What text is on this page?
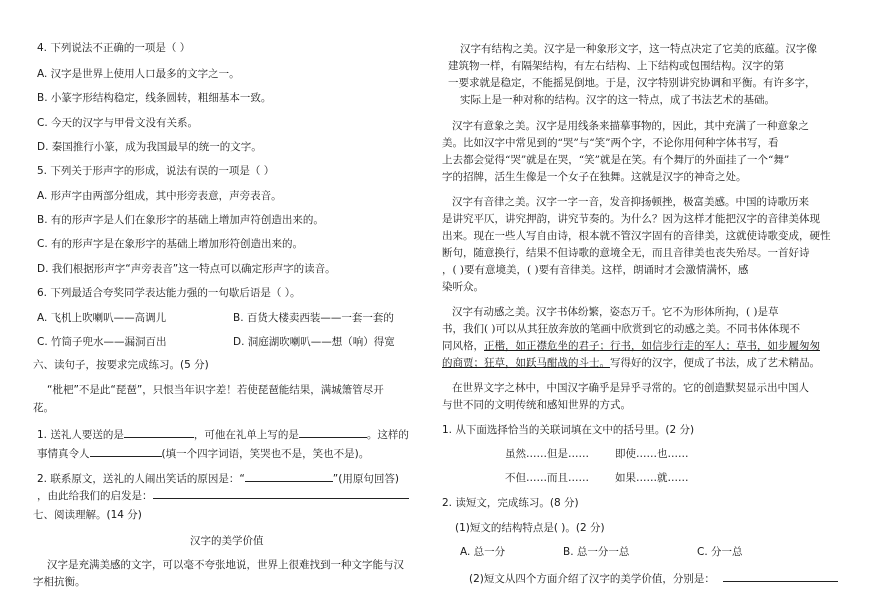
4. 下列说法不正确的一项是（ ）
A. 汉字是世界上使用人口最多的文字之一。
B. 小篆字形结构稳定，线条圆转，粗细基本一致。
C. 今天的汉字与甲骨文没有关系。
D. 秦国推行小篆，成为我国最早的统一的文字。
5. 下列关于形声字的形成，说法有误的一项是（ ）
A. 形声字由两部分组成，其中形旁表意，声旁表音。
B. 有的形声字是人们在象形字的基础上增加声符创造出来的。
C. 有的形声字是在象形字的基础上增加形符创造出来的。
D. 我们根据形声字“声旁表音”这一特点可以确定形声字的读音。
6. 下列最适合夸奖同学表达能力强的一句歇后语是（ ）。
A. 飞机上吹喇叭——高调儿	B. 百货大楼卖西装——一套一套的
C. 竹筒子兜水——漏洞百出	D. 洞庭湖吹喇叭——想（响）得宽
六、读句子，按要求完成练习。(5 分)
“枇杷”不是此“琵琶”，只恨当年识字差！若使琵琶能结果，满城箫管尽开
花。
1. 送礼人要送的是	，可他在礼单上写的是	。这样的
事情真令人	(填一个四字词语，笑哭也不是，笑也不是)。
2. 联系原文，送礼的人闹出笑话的原因是：“	”(用原句回答)
，由此给我们的启发是：
七、阅读理解。(14 分)
汉字的美学价值
汉字是充满美感的文字，可以毫不夸张地说，世界上很难找到一种文字能与汉
字相抗衡。
汉字有结构之美。汉字是一种象形文字，这一特点决定了它美的底蕴。汉字像
建筑物一样，有隔架结构，有左右结构、上下结构或包围结构。汉字的第
一要求就是稳定，不能摇晃倒地。于是，汉字特别讲究协调和平衡。有许多字，
实际上是一种对称的结构。汉字的这一特点，成了书法艺术的基础。
汉字有意象之美。汉字是用线条来描摹事物的，因此，其中充满了一种意象之
美。比如汉字中常见到的“哭”与“笑”两个字，不论你用何种字体书写，看
上去都会觉得“哭”就是在哭，“笑”就是在笑。有个舞厅的外面挂了一个“舞”
字的招牌，活生生像是一个女子在独舞。这就是汉字的神奇之处。
汉字有音律之美。汉字一字一音，发音抑扬顿挫，极富美感。中国的诗歌历来
是讲究平仄，讲究押韵，讲究节奏的。为什么？因为这样才能把汉字的音律美体现
出来。现在一些人写自由诗，根本就不管汉字固有的音律美，这就使诗歌变成，硬性
断句，随意换行，结果不但诗歌的意境全无，而且音律美也丧失殆尽。一首好诗
，( )要有意境美，( )要有音律美。这样，朗诵时才会激情满怀，感
染听众。
汉字有动感之美。汉字书体纷繁，姿态万千。它不为形体所拘，( )是草
书，我们( )可以从其狂放奔放的笔画中欣赏到它的动感之美。不同书体体现不
同风格，正楷，如正襟危坐的君子；行书，如信步行走的军人；草书，如步履匆匆
的商贾；狂草，如跃马酣战的斗士。写得好的汉字，便成了书法，成了艺术精品。
在世界文字之林中，中国汉字确乎是异乎寻常的。它的创造默契显示出中国人
与世不同的文明传统和感知世界的方式。
1. 从下面选择恰当的关联词填在文中的括号里。(2 分)
虽然……但是…… 即使……也……
不但……而且…… 如果……就……
2. 读短文，完成练习。(8 分)
(1)短文的结构特点是( )。(2 分)
A. 总一分	B. 总一分一总	C. 分一总
(2)短文从四个方面介绍了汉字的美学价值，分别是：
